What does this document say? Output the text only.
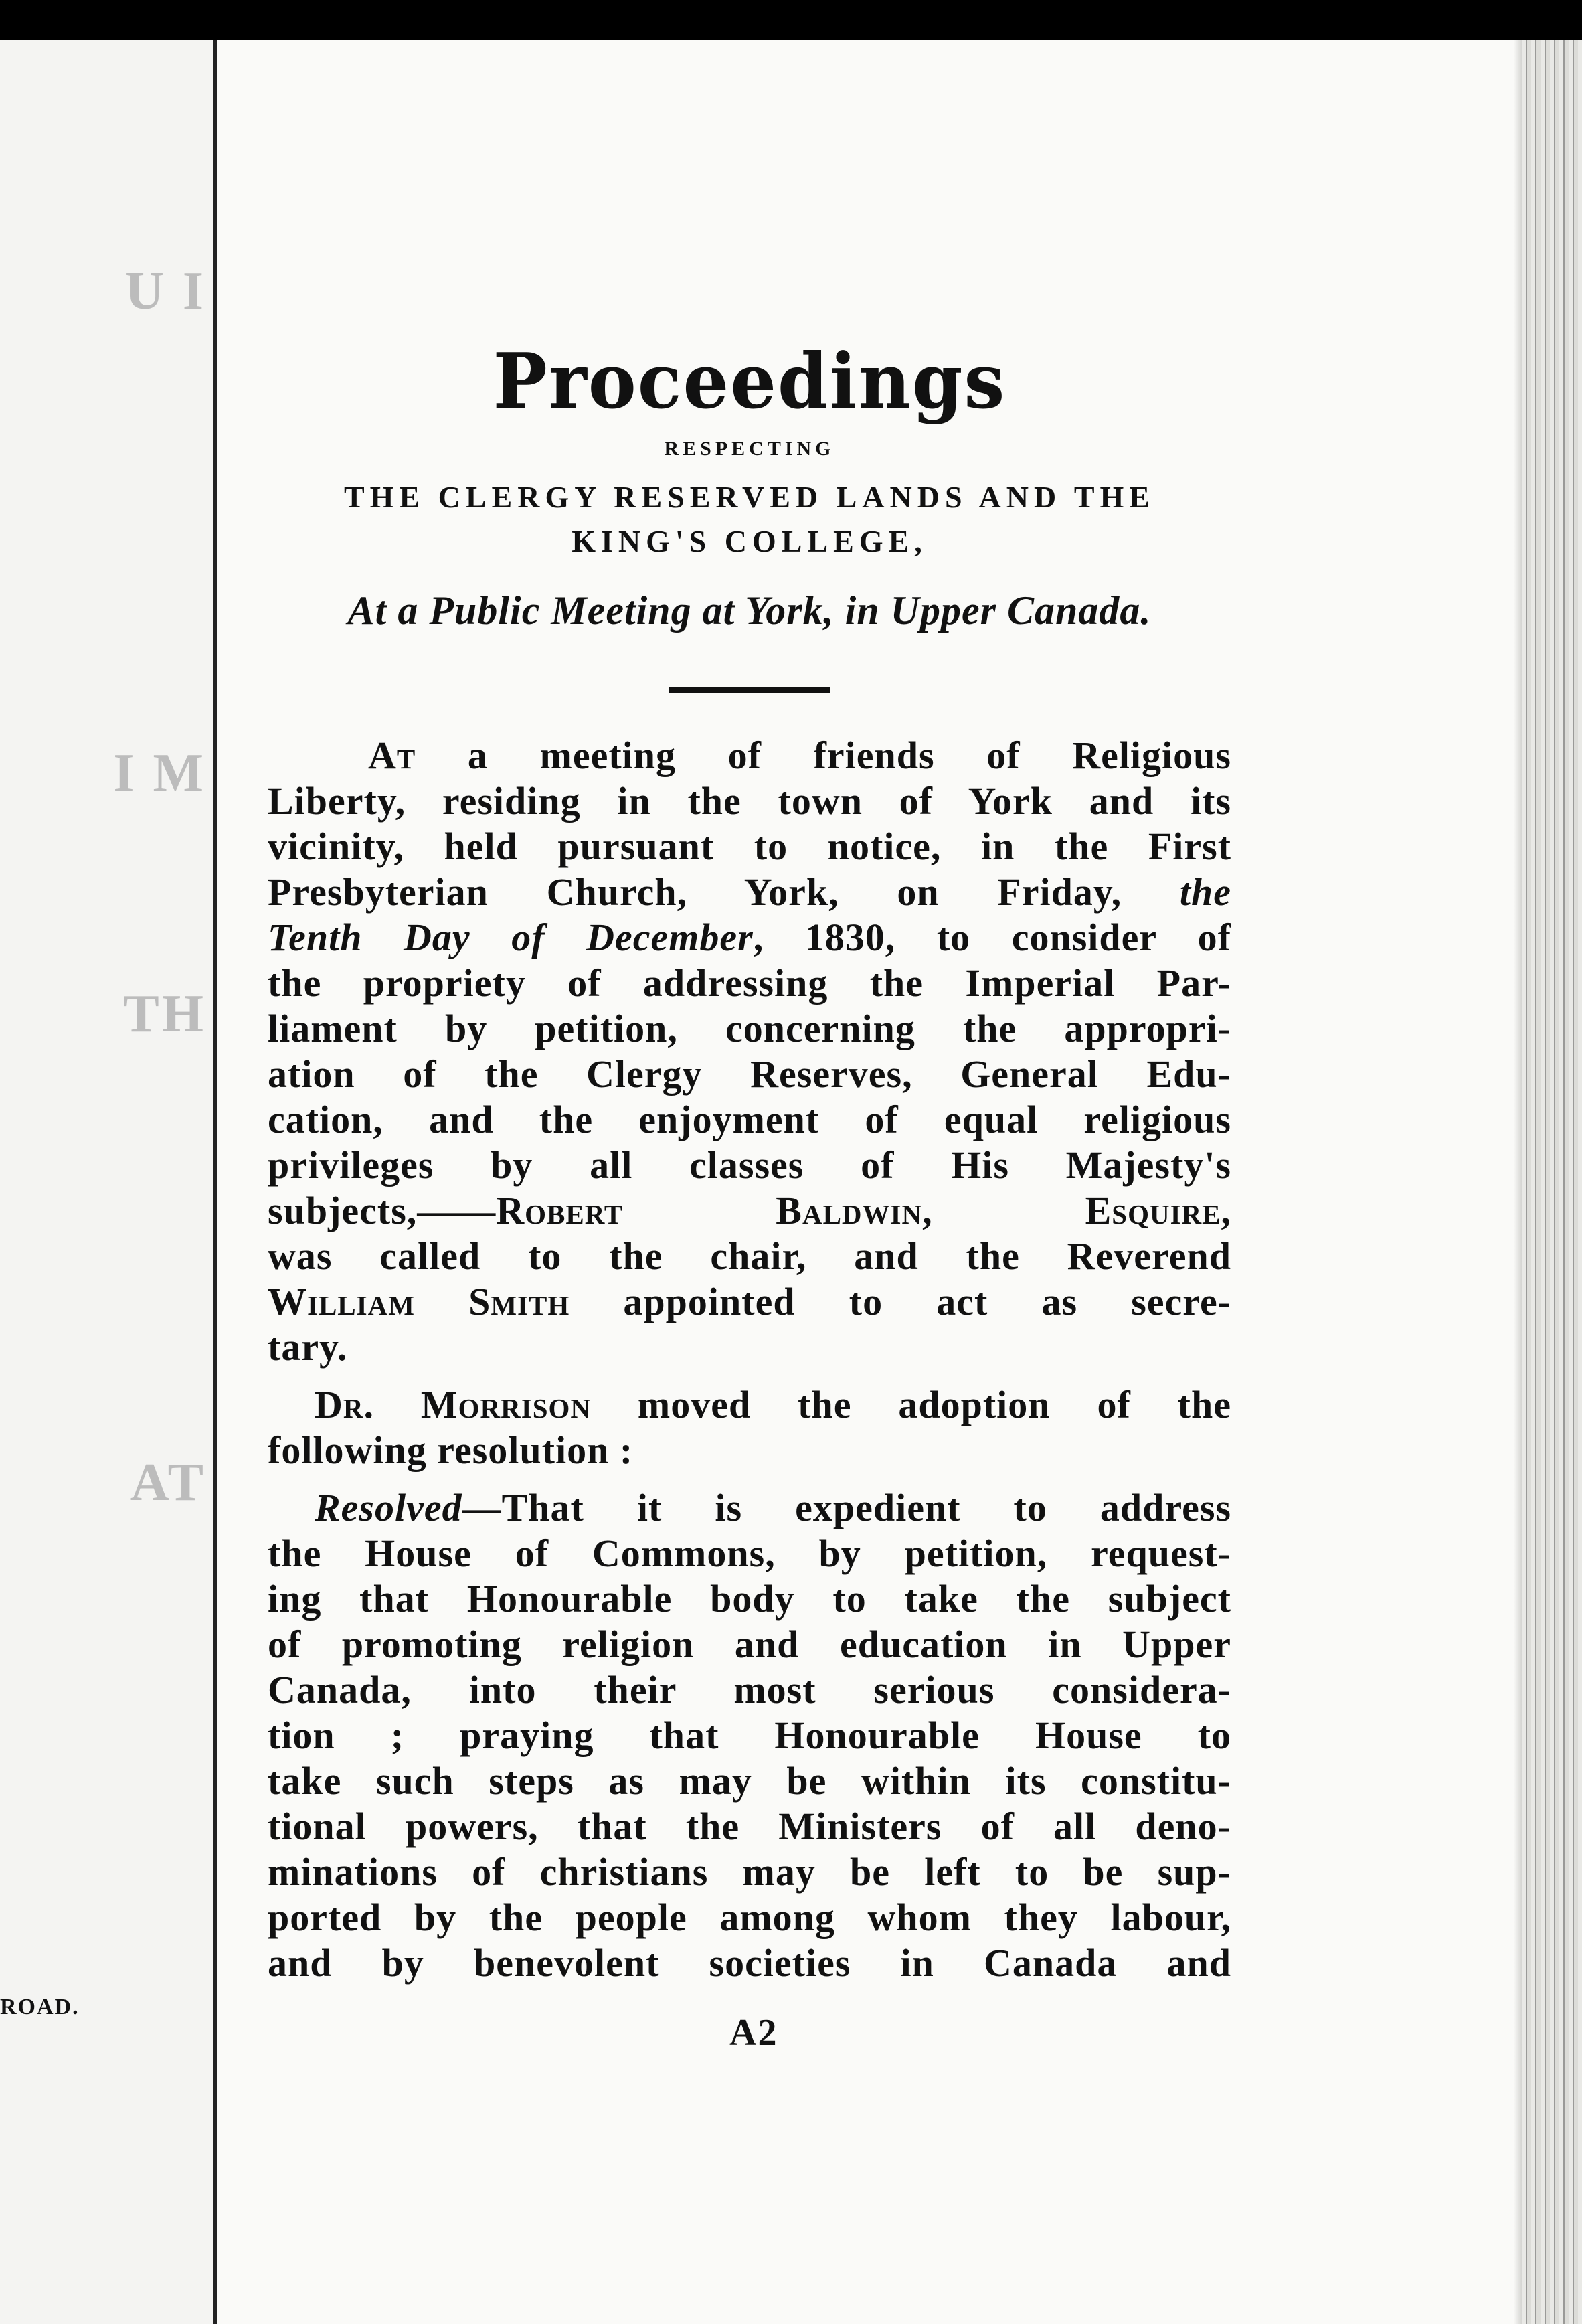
U I
I M
TH
AT
ROAD.
Proceedings
RESPECTING
THE CLERGY RESERVED LANDS AND THE
KING'S COLLEGE,
At a Public Meeting at York, in Upper Canada.
At a meeting of friends of Religious
Liberty, residing in the town of York and its
vicinity, held pursuant to notice, in the First
Presbyterian Church, York, on Friday, the
Tenth Day of December, 1830, to consider of
the propriety of addressing the Imperial Par-
liament by petition, concerning the appropri-
ation of the Clergy Reserves, General Edu-
cation, and the enjoyment of equal religious
privileges by all classes of His Majesty's
subjects,——Robert Baldwin, Esquire,
was called to the chair, and the Reverend
William Smith appointed to act as secre-
tary.
Dr. Morrison moved the adoption of the
following resolution :
Resolved—That it is expedient to address
the House of Commons, by petition, request-
ing that Honourable body to take the subject
of promoting religion and education in Upper
Canada, into their most serious considera-
tion ; praying that Honourable House to
take such steps as may be within its constitu-
tional powers, that the Ministers of all deno-
minations of christians may be left to be sup-
ported by the people among whom they labour,
and by benevolent societies in Canada and
A2
